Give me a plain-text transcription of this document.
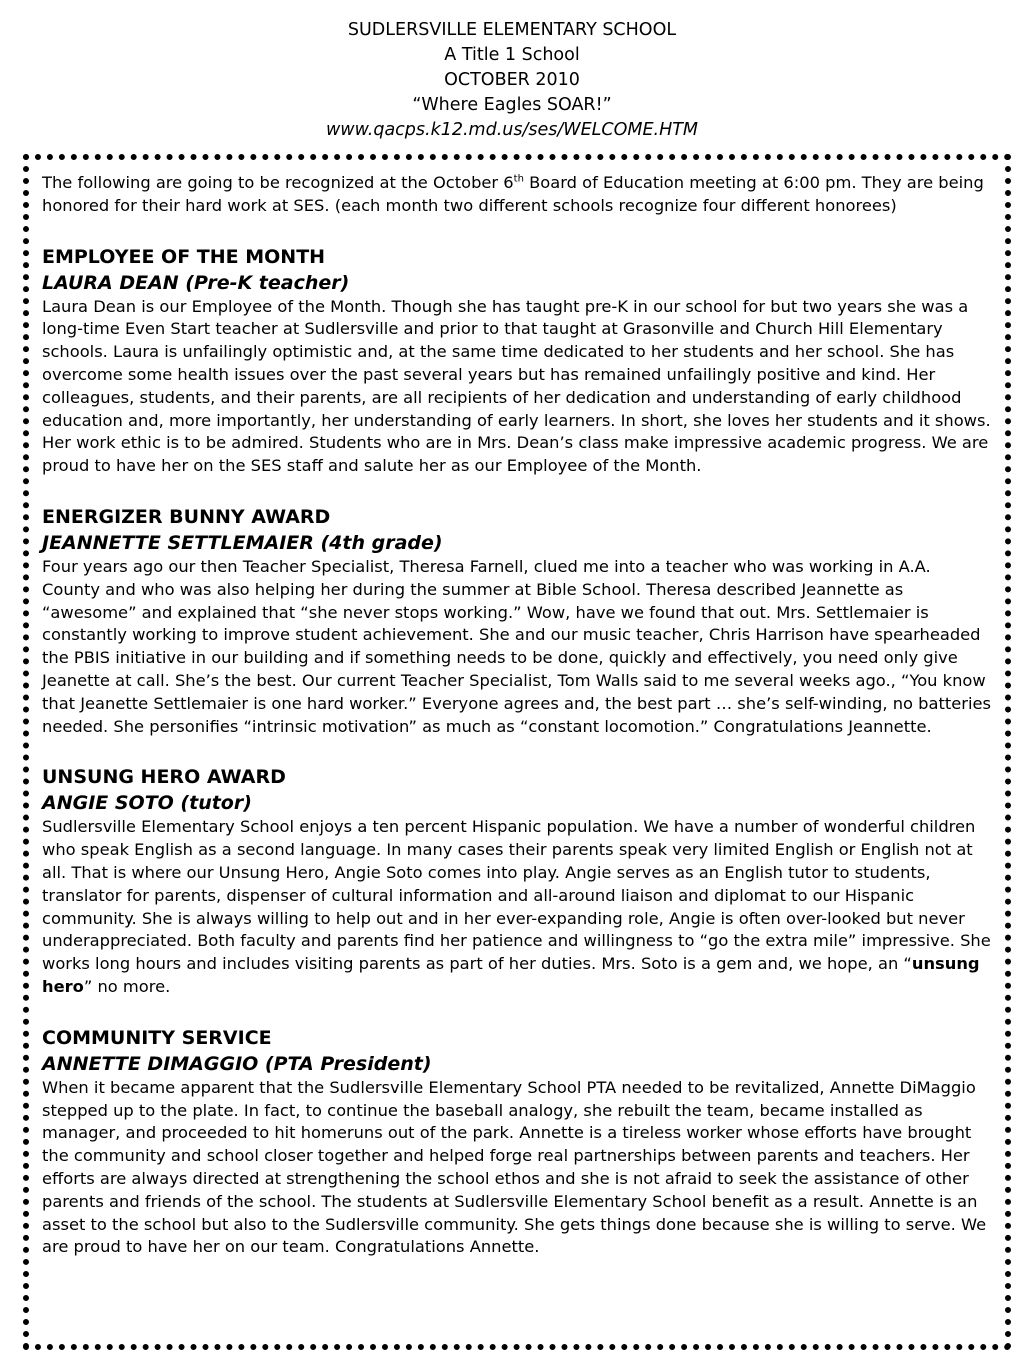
SUDLERSVILLE ELEMENTARY SCHOOL
A Title 1 School
OCTOBER 2010
“Where Eagles SOAR!”
www.qacps.k12.md.us/ses/WELCOME.HTM

The following are going to be recognized at the October 6th Board of Education meeting at 6:00 pm. They are being honored for their hard work at SES. (each month two different schools recognize four different honorees)

EMPLOYEE OF THE MONTH

LAURA DEAN (Pre-K teacher)

Laura Dean is our Employee of the Month. Though she has taught pre-K in our school for but two years she was a long-time Even Start teacher at Sudlersville and prior to that taught at Grasonville and Church Hill Elementary schools. Laura is unfailingly optimistic and, at the same time dedicated to her students and her school. She has overcome some health issues over the past several years but has remained unfailingly positive and kind. Her colleagues, students, and their parents, are all recipients of her dedication and understanding of early childhood education and, more importantly, her understanding of early learners. In short, she loves her students and it shows. Her work ethic is to be admired. Students who are in Mrs. Dean’s class make impressive academic progress. We are proud to have her on the SES staff and salute her as our Employee of the Month.

ENERGIZER BUNNY AWARD

JEANNETTE SETTLEMAIER (4th grade)

Four years ago our then Teacher Specialist, Theresa Farnell, clued me into a teacher who was working in A.A. County and who was also helping her during the summer at Bible School. Theresa described Jeannette as “awesome” and explained that “she never stops working.” Wow, have we found that out. Mrs. Settlemaier is constantly working to improve student achievement. She and our music teacher, Chris Harrison have spearheaded the PBIS initiative in our building and if something needs to be done, quickly and effectively, you need only give Jeanette at call. She’s the best. Our current Teacher Specialist, Tom Walls said to me several weeks ago., “You know that Jeanette Settlemaier is one hard worker.” Everyone agrees and, the best part … she’s self-winding, no batteries needed. She personifies “intrinsic motivation” as much as “constant locomotion.” Congratulations Jeannette.

UNSUNG HERO AWARD

ANGIE SOTO (tutor)

Sudlersville Elementary School enjoys a ten percent Hispanic population. We have a number of wonderful children who speak English as a second language. In many cases their parents speak very limited English or English not at all. That is where our Unsung Hero, Angie Soto comes into play. Angie serves as an English tutor to students, translator for parents, dispenser of cultural information and all-around liaison and diplomat to our Hispanic community. She is always willing to help out and in her ever-expanding role, Angie is often over-looked but never underappreciated. Both faculty and parents find her patience and willingness to “go the extra mile” impressive. She works long hours and includes visiting parents as part of her duties. Mrs. Soto is a gem and, we hope, an “unsung hero” no more.

COMMUNITY SERVICE

ANNETTE DIMAGGIO (PTA President)

When it became apparent that the Sudlersville Elementary School PTA needed to be revitalized, Annette DiMaggio stepped up to the plate. In fact, to continue the baseball analogy, she rebuilt the team, became installed as manager, and proceeded to hit homeruns out of the park. Annette is a tireless worker whose efforts have brought the community and school closer together and helped forge real partnerships between parents and teachers. Her efforts are always directed at strengthening the school ethos and she is not afraid to seek the assistance of other parents and friends of the school. The students at Sudlersville Elementary School benefit as a result. Annette is an asset to the school but also to the Sudlersville community. She gets things done because she is willing to serve. We are proud to have her on our team. Congratulations Annette.
